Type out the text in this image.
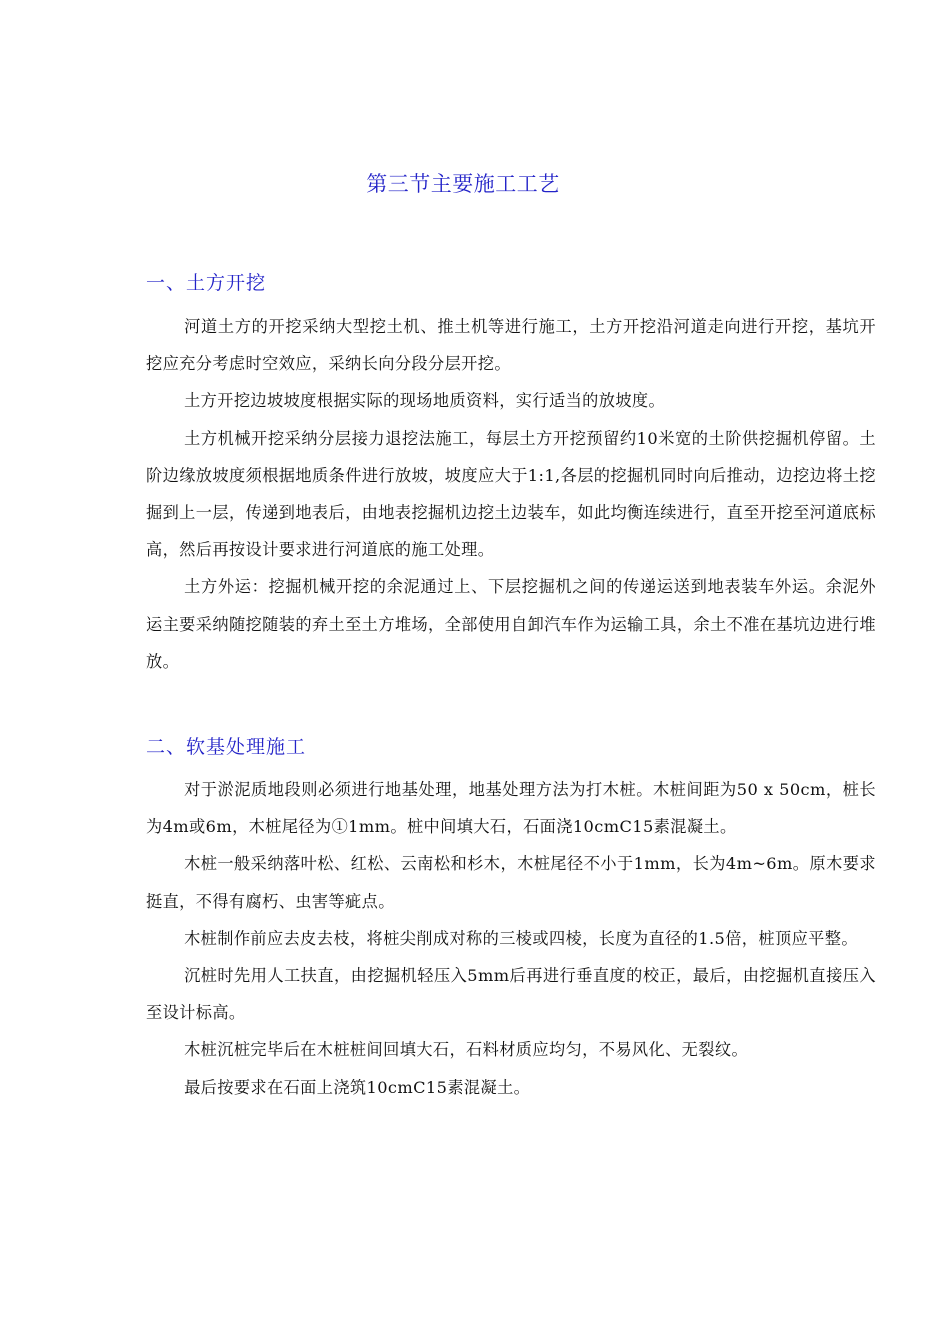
第三节主要施工工艺
一、土方开挖

河道土方的开挖采纳大型挖土机、推土机等进行施工，土方开挖沿河道走向进行开挖，基坑开挖应充分考虑时空效应，采纳长向分段分层开挖。

土方开挖边坡坡度根据实际的现场地质资料，实行适当的放坡度。

土方机械开挖采纳分层接力退挖法施工，每层土方开挖预留约10米宽的土阶供挖掘机停留。土阶边缘放坡度须根据地质条件进行放坡，坡度应大于1:1,各层的挖掘机同时向后推动，边挖边将土挖掘到上一层，传递到地表后，由地表挖掘机边挖土边装车，如此均衡连续进行，直至开挖至河道底标高，然后再按设计要求进行河道底的施工处理。

土方外运：挖掘机械开挖的余泥通过上、下层挖掘机之间的传递运送到地表装车外运。余泥外运主要采纳随挖随装的弃土至土方堆场，全部使用自卸汽车作为运输工具，余土不准在基坑边进行堆放。

二、软基处理施工

对于淤泥质地段则必须进行地基处理，地基处理方法为打木桩。木桩间距为50 x 50cm，桩长为4m或6m，木桩尾径为①1mm。桩中间填大石，石面浇10cmC15素混凝土。

木桩一般采纳落叶松、红松、云南松和杉木，木桩尾径不小于1mm，长为4m~6m。原木要求挺直，不得有腐朽、虫害等疵点。

木桩制作前应去皮去枝，将桩尖削成对称的三棱或四棱，长度为直径的1.5倍，桩顶应平整。

沉桩时先用人工扶直，由挖掘机轻压入5mm后再进行垂直度的校正，最后，由挖掘机直接压入至设计标高。

木桩沉桩完毕后在木桩桩间回填大石，石料材质应均匀，不易风化、无裂纹。

最后按要求在石面上浇筑10cmC15素混凝土。
